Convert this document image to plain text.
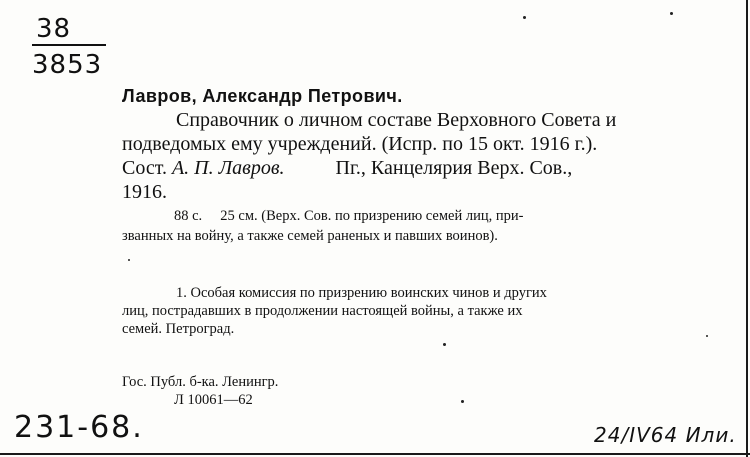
38
3853
Лавров, Александр Петрович.
Справочник о личном составе Верховного Совета и
подведомых ему учреждений. (Испр. по 15 окт. 1916 г.).
Сост. А. П. Лавров.	Пг., Канцелярия Верх. Сов.,
1916.
88 с.     25 см. (Верх. Сов. по призрению семей лиц, при-
званных на войну, а также семей раненых и павших воинов).
1. Особая комиссия по призрению воинских чинов и других
лиц, пострадавших в продолжении настоящей войны, а также их
семей. Петроград.
Гос. Публ. б-ка. Ленингр.
Л 10061—62
231-68.	24/IV64 Или.
